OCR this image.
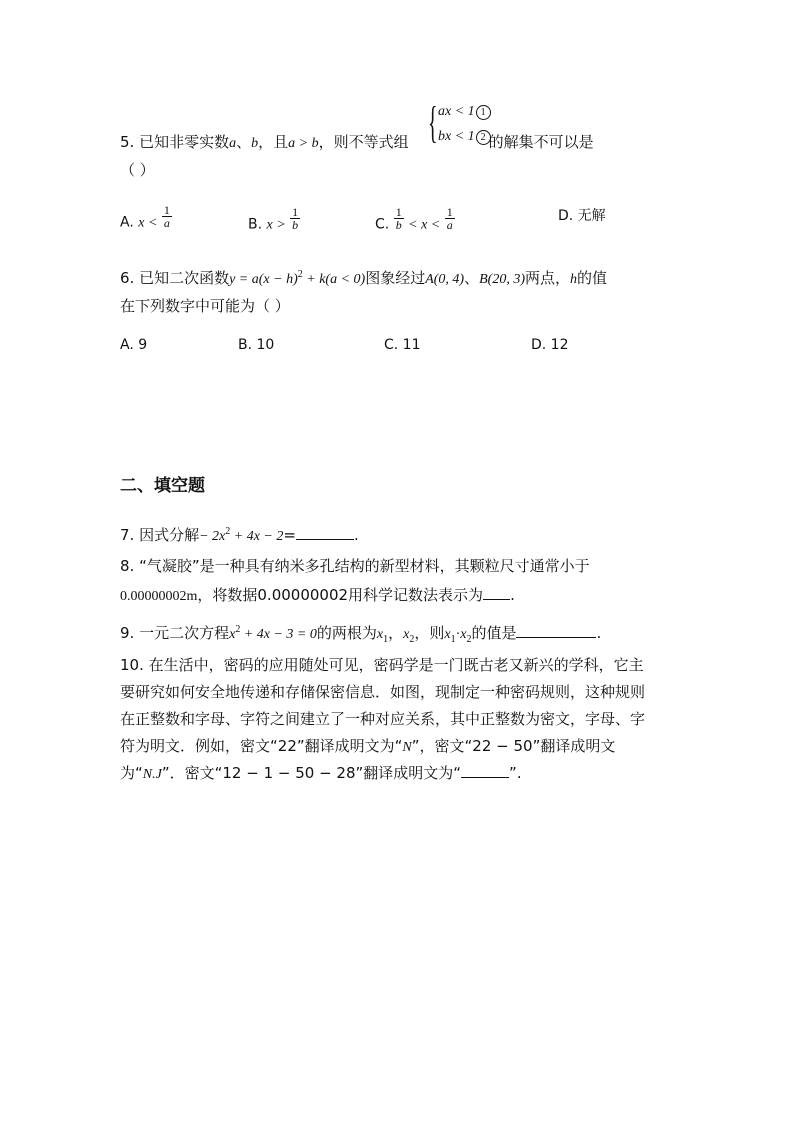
{ ax < 1 1
bx < 1 2
5. 已知非零实数a、b，且a > b，则不等式组	的解集不可以是
（ ）
A. $x < \frac{1}{a}$	B. $x > \frac{1}{b}$	C. $\frac{1}{b} < x < \frac{1}{a}$	D. 无解
6. 已知二次函数$y = a(x - h)^2 + k(a < 0)$图象经过A(0, 4)、B(20, 3)两点，h的值
在下列数字中可能为（ ）
A. 9	B. 10	C. 11	D. 12
二、填空题
7. 因式分解− $2x^2 + 4x - 2=$	.
8. “气凝胶”是一种具有纳米多孔结构的新型材料，其颗粒尺寸通常小于
0.00000002m，将数据0.00000002用科学记数法表示为 .
9. 一元二次方程$x^2 + 4x - 3 = 0$的两根为$x_1$，$x_2$，则$x_1\cdot x_2$的值是	.
10. 在生活中，密码的应用随处可见，密码学是一门既古老又新兴的学科，它主
要研究如何安全地传递和存储保密信息．如图，现制定一种密码规则，这种规则
在正整数和字母、字符之间建立了一种对应关系，其中正整数为密文，字母、字
符为明文．例如，密文“22”翻译成明文为“N”，密文“22 − 50”翻译成明文
为“N.J”．密文“12 − 1 − 50 − 28”翻译成明文为“	”.
